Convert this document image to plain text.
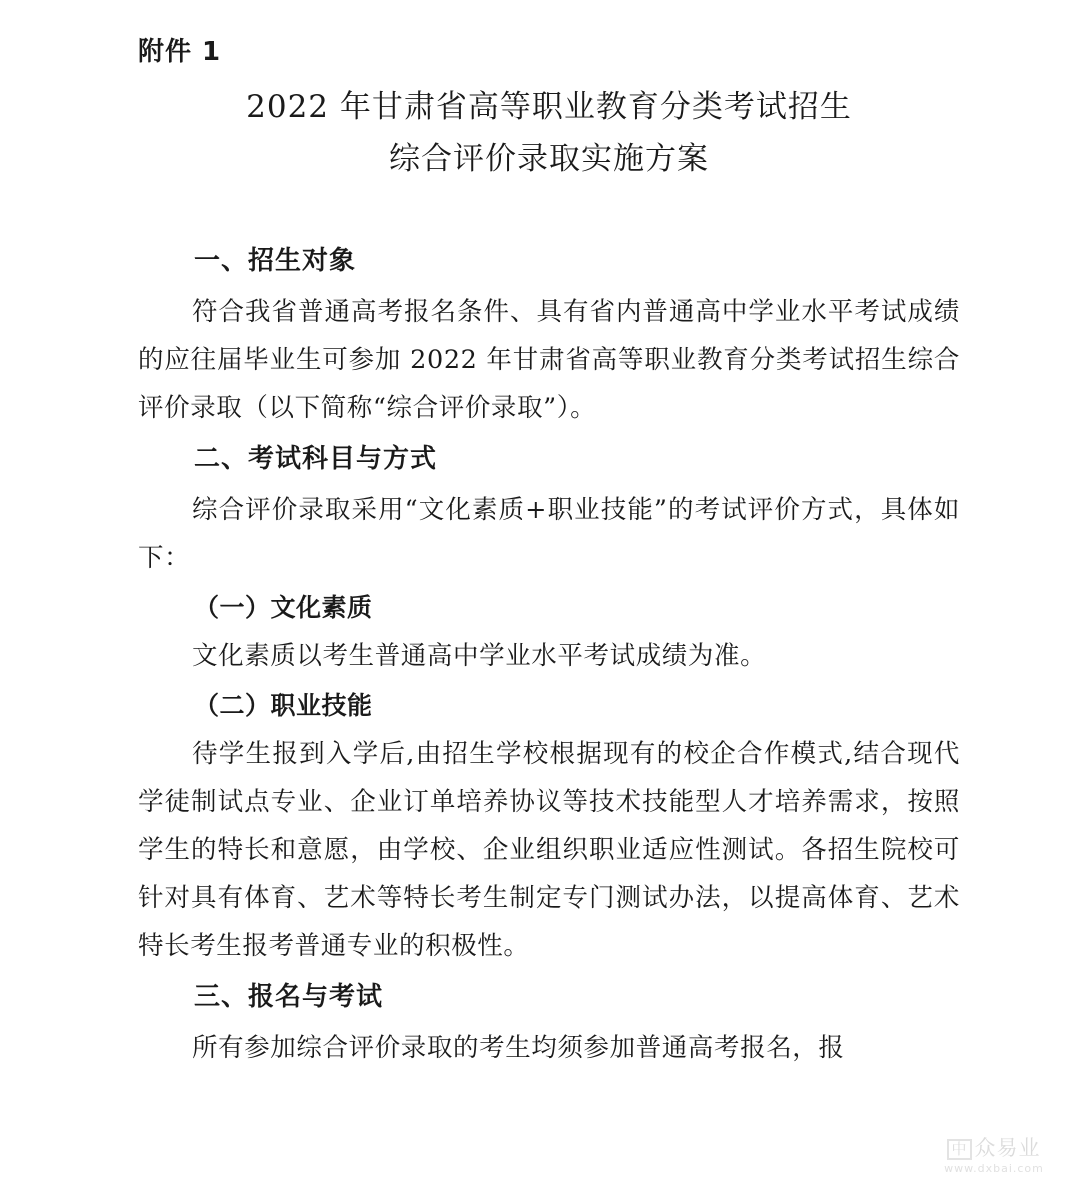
附件 1
2022 年甘肃省高等职业教育分类考试招生
综合评价录取实施方案
一、招生对象

符合我省普通高考报名条件、具有省内普通高中学业水平考试成绩的应往届毕业生可参加 2022 年甘肃省高等职业教育分类考试招生综合评价录取（以下简称“综合评价录取”）。

二、考试科目与方式

综合评价录取采用“文化素质+职业技能”的考试评价方式，具体如下：

（一）文化素质

文化素质以考生普通高中学业水平考试成绩为准。

（二）职业技能

待学生报到入学后,由招生学校根据现有的校企合作模式,结合现代学徒制试点专业、企业订单培养协议等技术技能型人才培养需求，按照学生的特长和意愿，由学校、企业组织职业适应性测试。各招生院校可针对具有体育、艺术等特长考生制定专门测试办法，以提高体育、艺术特长考生报考普通专业的积极性。

三、报名与考试

所有参加综合评价录取的考生均须参加普通高考报名，报

中 众易业
www.dxbai.com
